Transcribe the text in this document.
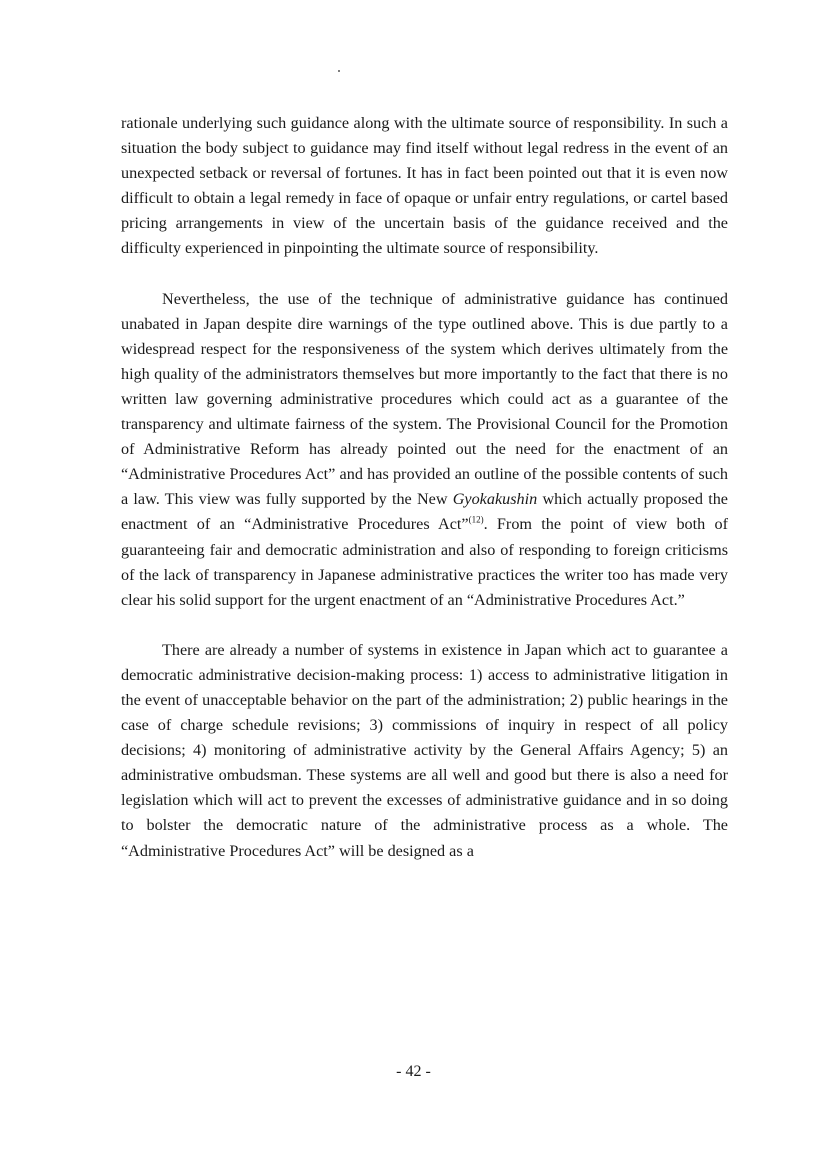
rationale underlying such guidance along with the ultimate source of responsibility. In such a situation the body subject to guidance may find itself without legal redress in the event of an unexpected setback or reversal of fortunes. It has in fact been pointed out that it is even now difficult to obtain a legal remedy in face of opaque or unfair entry regulations, or cartel based pricing arrangements in view of the uncertain basis of the guidance received and the difficulty experienced in pinpointing the ultimate source of responsibility.

Nevertheless, the use of the technique of administrative guidance has continued unabated in Japan despite dire warnings of the type outlined above. This is due partly to a widespread respect for the responsiveness of the system which derives ultimately from the high quality of the administrators themselves but more importantly to the fact that there is no written law governing administrative procedures which could act as a guarantee of the transparency and ultimate fairness of the system. The Provisional Council for the Promotion of Administrative Reform has already pointed out the need for the enactment of an “Administrative Procedures Act” and has provided an outline of the possible contents of such a law. This view was fully supported by the New Gyokakushin which actually proposed the enactment of an “Administrative Procedures Act”$^{(12)}$. From the point of view both of guaranteeing fair and democratic administration and also of responding to foreign criticisms of the lack of transparency in Japanese administrative practices the writer too has made very clear his solid support for the urgent enactment of an “Administrative Procedures Act.”

There are already a number of systems in existence in Japan which act to guarantee a democratic administrative decision-making process: 1) access to administrative litigation in the event of unacceptable behavior on the part of the administration; 2) public hearings in the case of charge schedule revisions; 3) commissions of inquiry in respect of all policy decisions; 4) monitoring of administrative activity by the General Affairs Agency; 5) an administrative ombudsman. These systems are all well and good but there is also a need for legislation which will act to prevent the excesses of administrative guidance and in so doing to bolster the democratic nature of the administrative process as a whole. The “Administrative Procedures Act” will be designed as a

- 42 -
